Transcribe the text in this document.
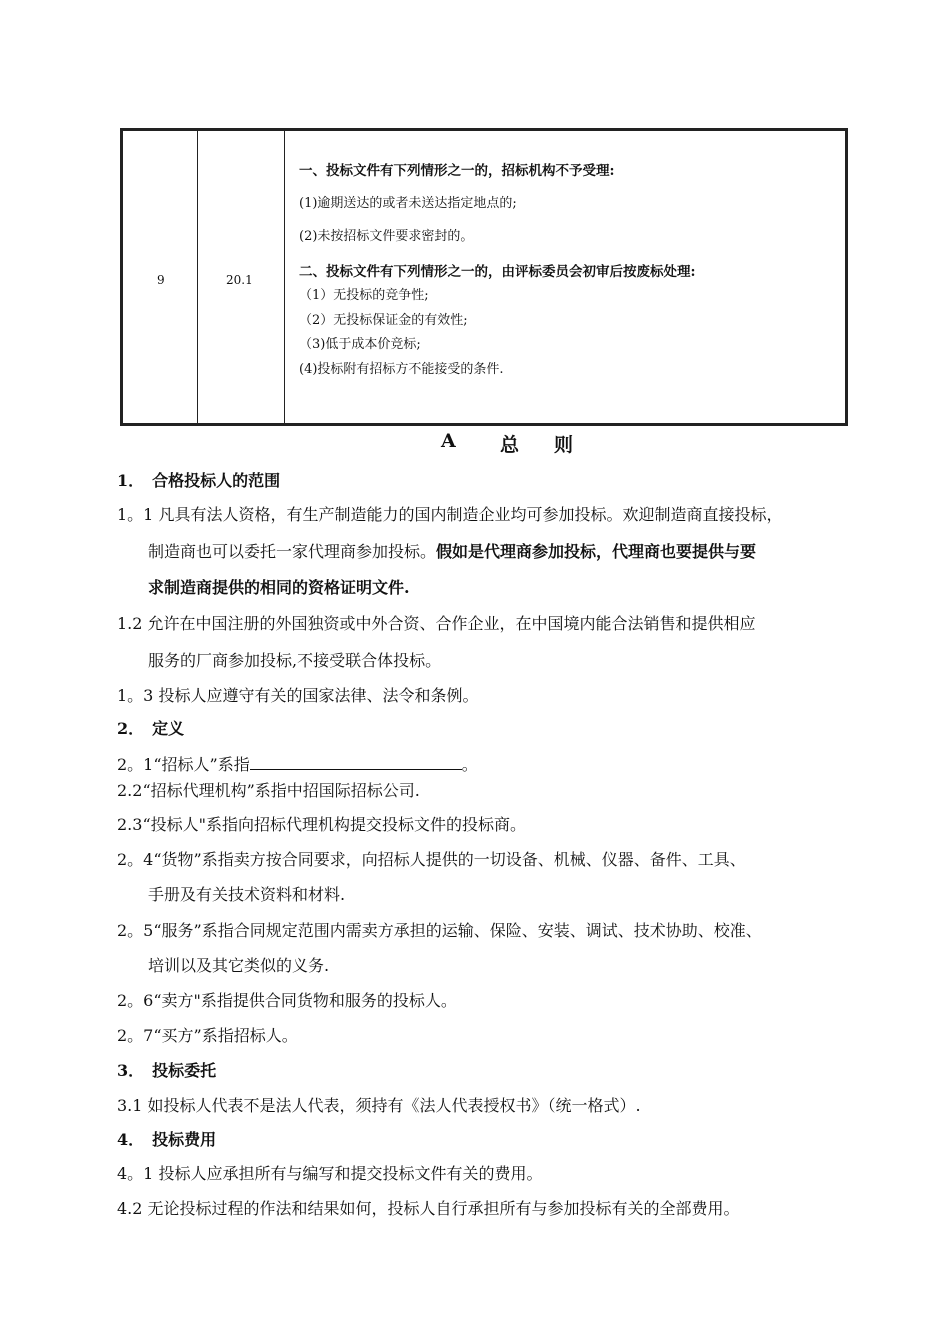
9	20.1
一、投标文件有下列情形之一的，招标机构不予受理:
(1)逾期送达的或者未送达指定地点的;
(2)未按招标文件要求密封的。
二、投标文件有下列情形之一的，由评标委员会初审后按废标处理:
（1）无投标的竞争性;
（2）无投标保证金的有效性;
（3)低于成本价竞标;
(4)投标附有招标方不能接受的条件.
A 总　则
1．　合格投标人的范围
1。1 凡具有法人资格，有生产制造能力的国内制造企业均可参加投标。欢迎制造商直接投标，
制造商也可以委托一家代理商参加投标。假如是代理商参加投标，代理商也要提供与要
求制造商提供的相同的资格证明文件.
1.2 允许在中国注册的外国独资或中外合资、合作企业，在中国境内能合法销售和提供相应
服务的厂商参加投标,不接受联合体投标。
1。3 投标人应遵守有关的国家法律、法令和条例。
2．　定义
2。1“招标人”系指	。
2.2“招标代理机构”系指中招国际招标公司.
2.3“投标人"系指向招标代理机构提交投标文件的投标商。
2。4“货物”系指卖方按合同要求，向招标人提供的一切设备、机械、仪器、备件、工具、
手册及有关技术资料和材料.
2。5“服务”系指合同规定范围内需卖方承担的运输、保险、安装、调试、技术协助、校准、
培训以及其它类似的义务.
2。6“卖方"系指提供合同货物和服务的投标人。
2。7“买方”系指招标人。
3．　投标委托
3.1 如投标人代表不是法人代表，须持有《法人代表授权书》（统一格式）.
4．　投标费用
4。1 投标人应承担所有与编写和提交投标文件有关的费用。
4.2 无论投标过程的作法和结果如何，投标人自行承担所有与参加投标有关的全部费用。
